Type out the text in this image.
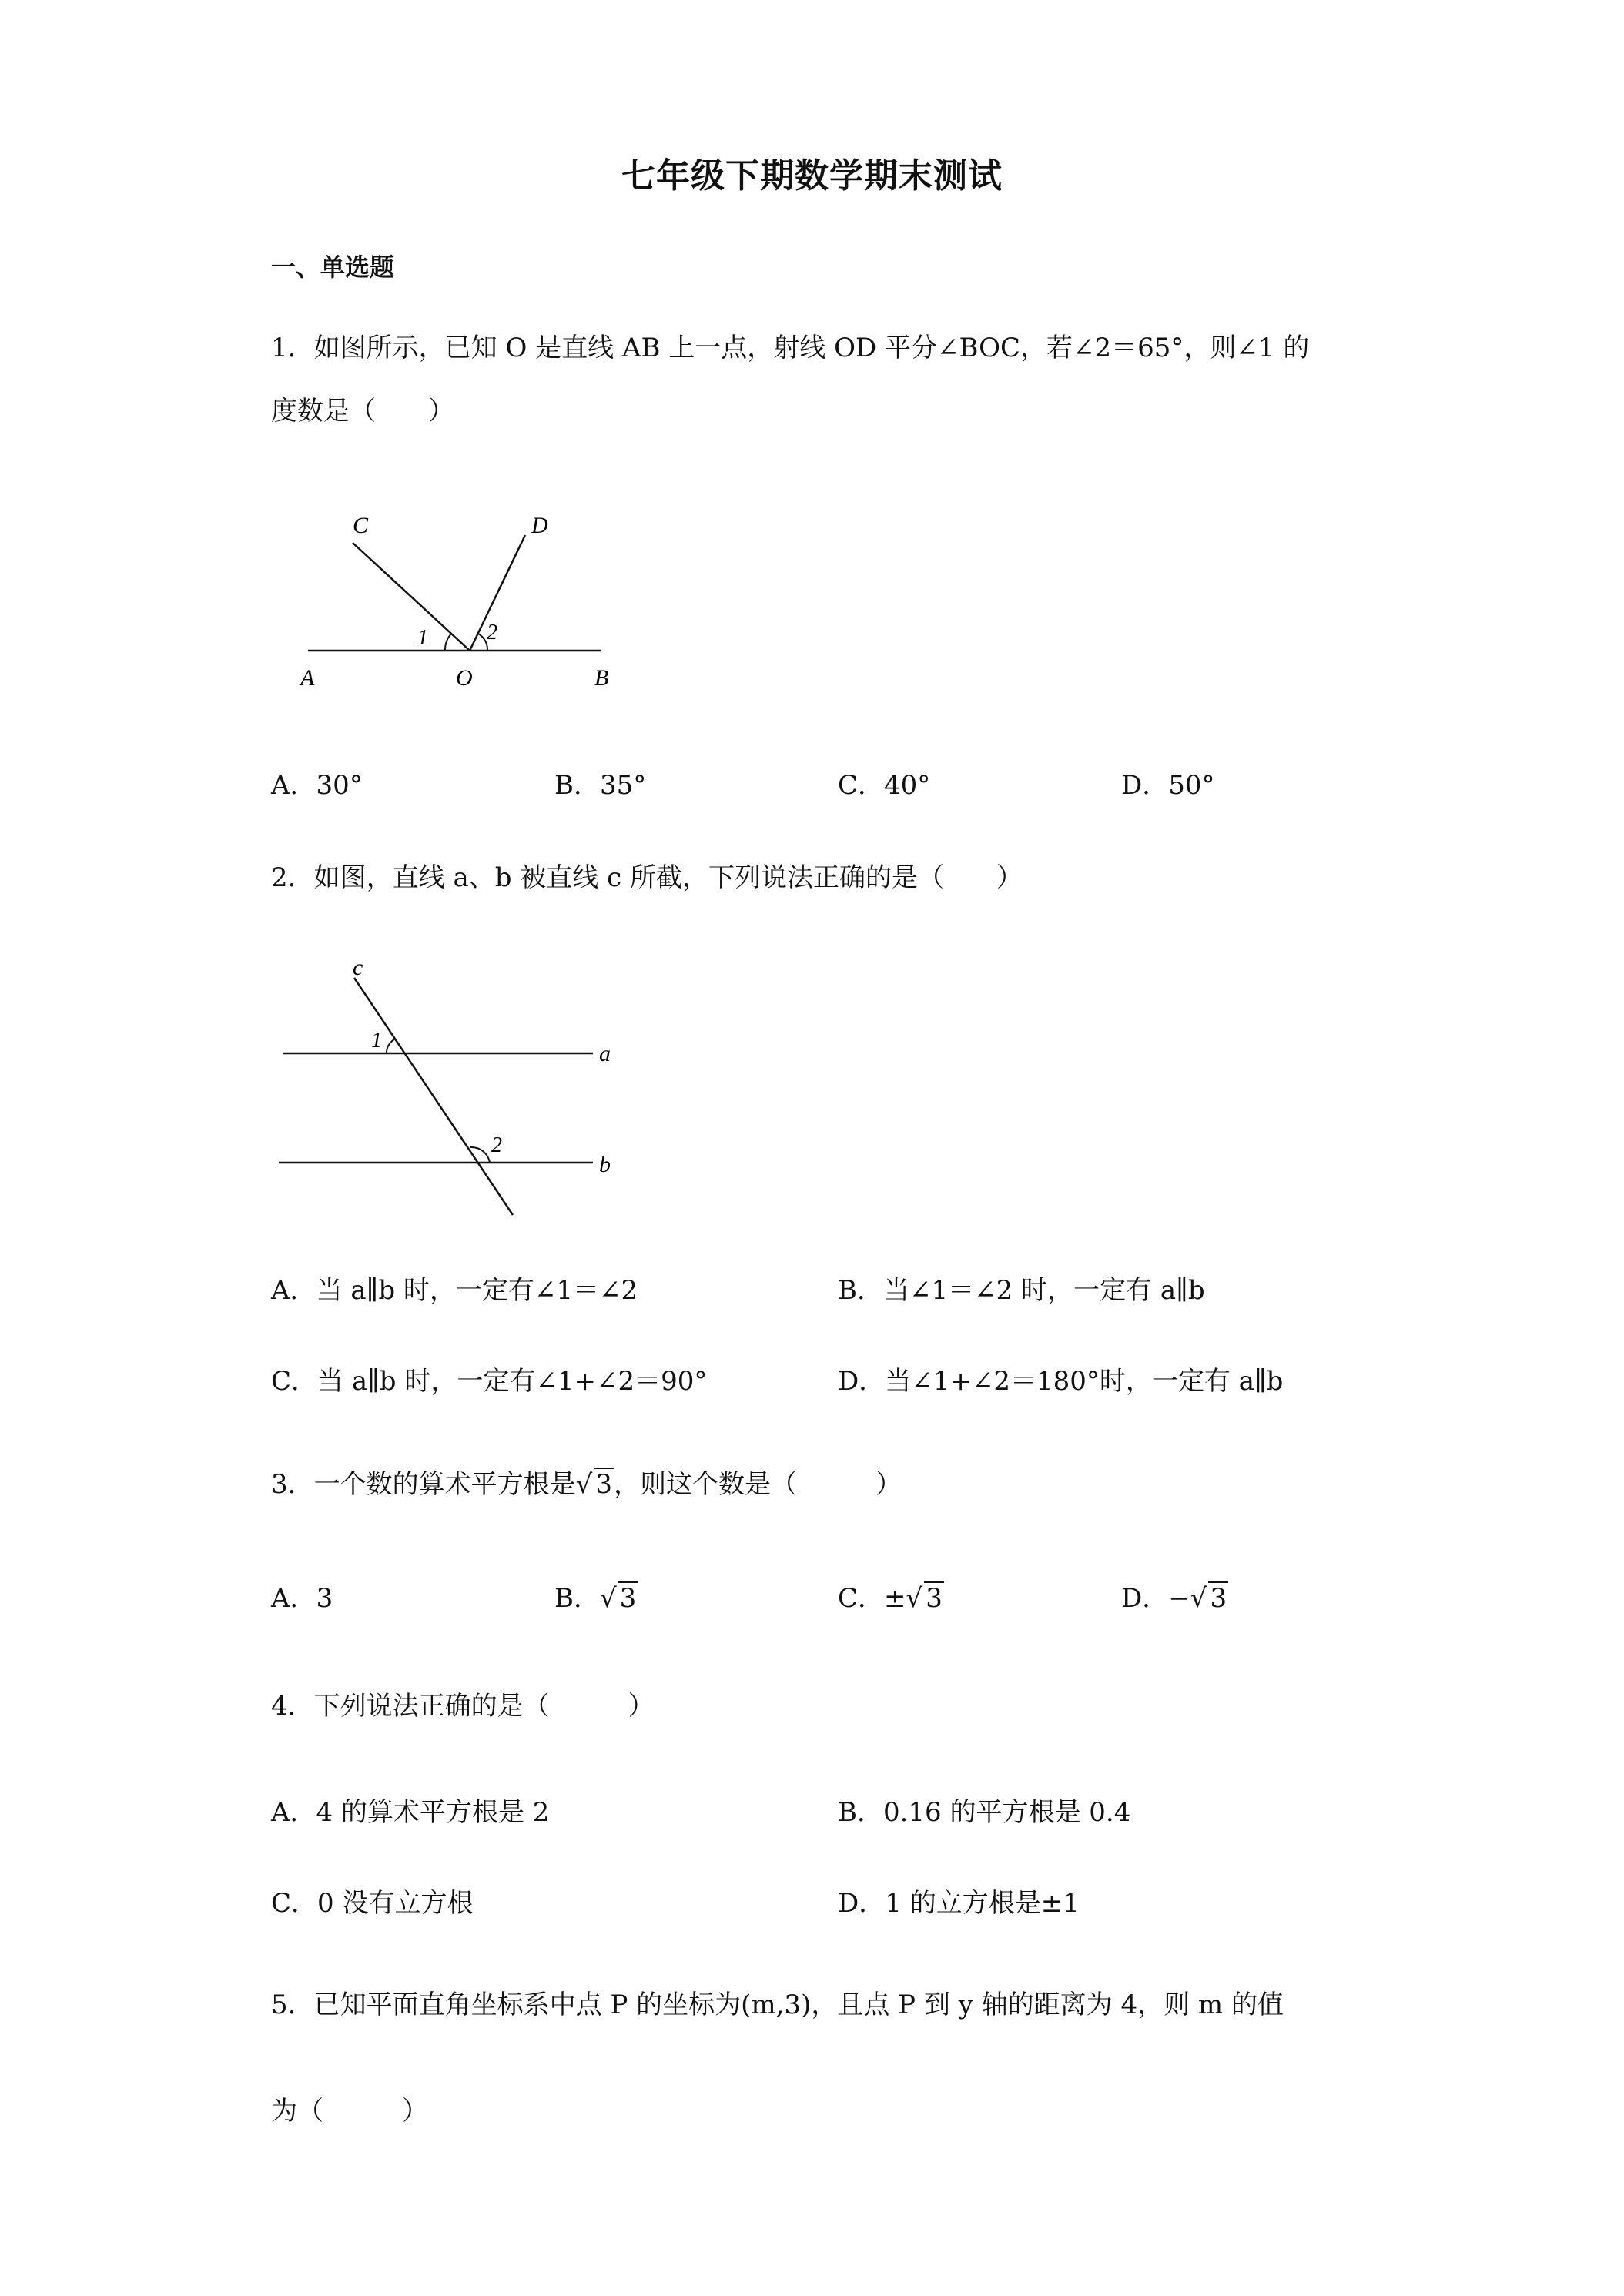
七年级下期数学期末测试
一、单选题
1．如图所示，已知 O 是直线 AB 上一点，射线 OD 平分∠BOC，若∠2＝65°，则∠1 的
度数是（　　）
C	D
A	O	B
1	2
A．30°	B．35°	C．40°	D．50°
2．如图，直线 a、b 被直线 c 所截，下列说法正确的是（　　）
c
a
b
1
2
A．当 a∥b 时，一定有∠1＝∠2	B．当∠1＝∠2 时，一定有 a∥b
C．当 a∥b 时，一定有∠1+∠2＝90°	D．当∠1+∠2＝180°时，一定有 a∥b
3．一个数的算术平方根是√ 3，则这个数是（　　　）
A．3	B．√ 3	C．±√ 3	D．−√ 3
4．下列说法正确的是（　　　）
A．4 的算术平方根是 2	B．0.16 的平方根是 0.4
C．0 没有立方根	D．1 的立方根是±1
5．已知平面直角坐标系中点 P 的坐标为(m,3)，且点 P 到 y 轴的距离为 4，则 m 的值
为（　　　）
